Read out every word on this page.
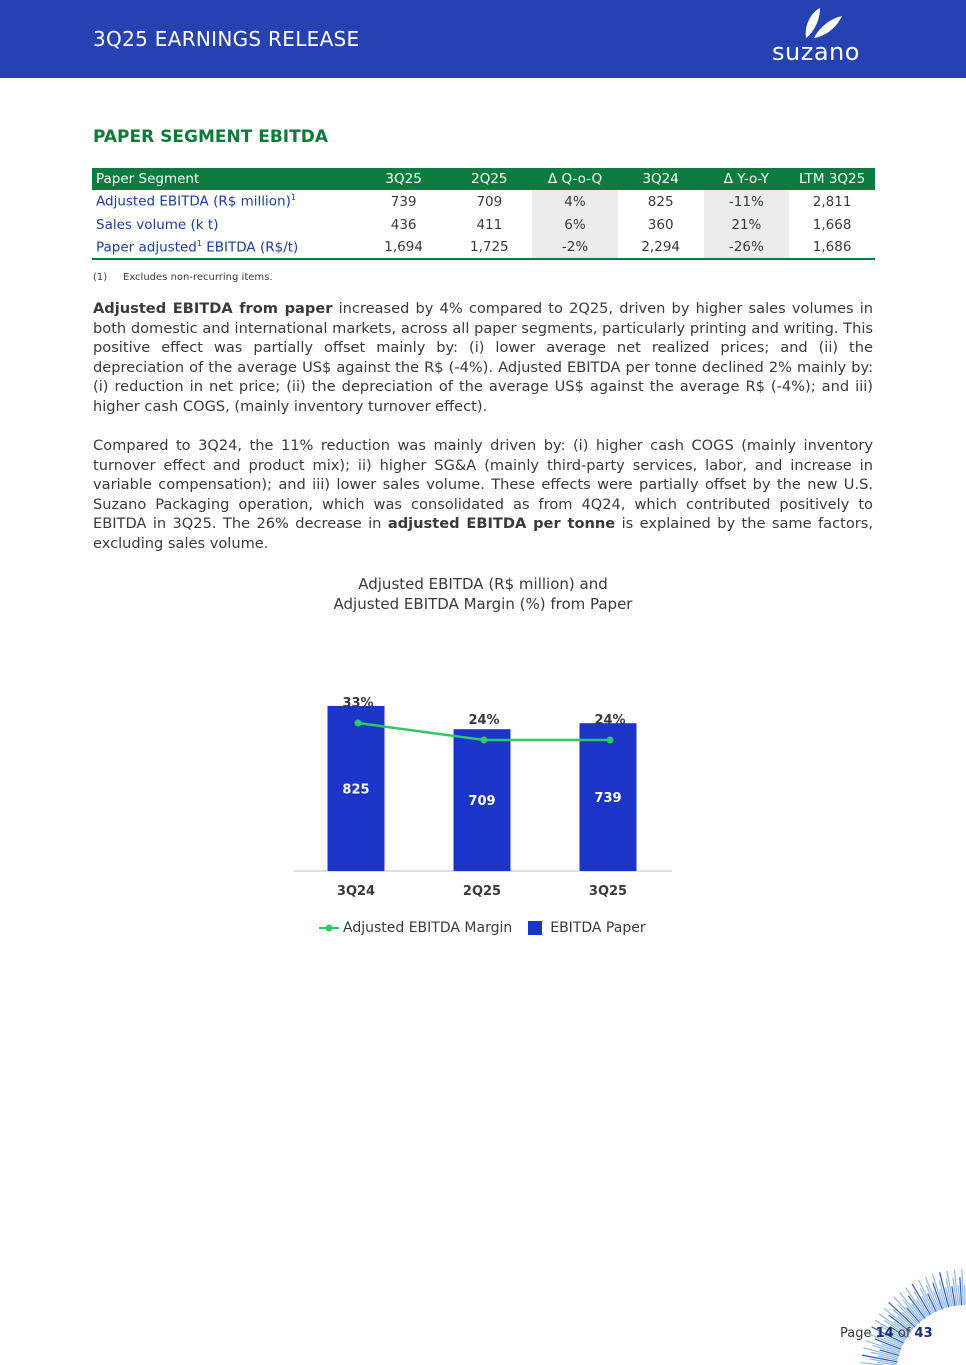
3Q25 EARNINGS RELEASE	suzano
PAPER SEGMENT EBITDA
Paper Segment	3Q25	2Q25	Δ Q-o-Q	3Q24	Δ Y-o-Y	LTM 3Q25
Adjusted EBITDA (R$ million)$^1$	739	709	4%	825	-11%	2,811
Sales volume (k t)	436	411	6%	360	21%	1,668
Paper adjusted$^1$ EBITDA (R$/t)	1,694	1,725	-2%	2,294	-26%	1,686
(1) Excludes non-recurring items.
Adjusted EBITDA from paper increased by 4% compared to 2Q25, driven by higher sales volumes in both domestic and international markets, across all paper segments, particularly printing and writing. This positive effect was partially offset mainly by: (i) lower average net realized prices; and (ii) the depreciation of the average US$ against the R$ (-4%). Adjusted EBITDA per tonne declined 2% mainly by: (i) reduction in net price; (ii) the depreciation of the average US$ against the average R$ (-4%); and iii) higher cash COGS, (mainly inventory turnover effect).
Compared to 3Q24, the 11% reduction was mainly driven by: (i) higher cash COGS (mainly inventory turnover effect and product mix); ii) higher SG&A (mainly third-party services, labor, and increase in variable compensation); and iii) lower sales volume. These effects were partially offset by the new U.S. Suzano Packaging operation, which was consolidated as from 4Q24, which contributed positively to EBITDA in 3Q25. The 26% decrease in adjusted EBITDA per tonne is explained by the same factors, excluding sales volume.
Adjusted EBITDA (R$ million) and
Adjusted EBITDA Margin (%) from Paper
825
3Q24
709
2Q25
739
3Q25
33%
24%	24%
Adjusted EBITDA Margin	EBITDA Paper
Page 14 of 43
